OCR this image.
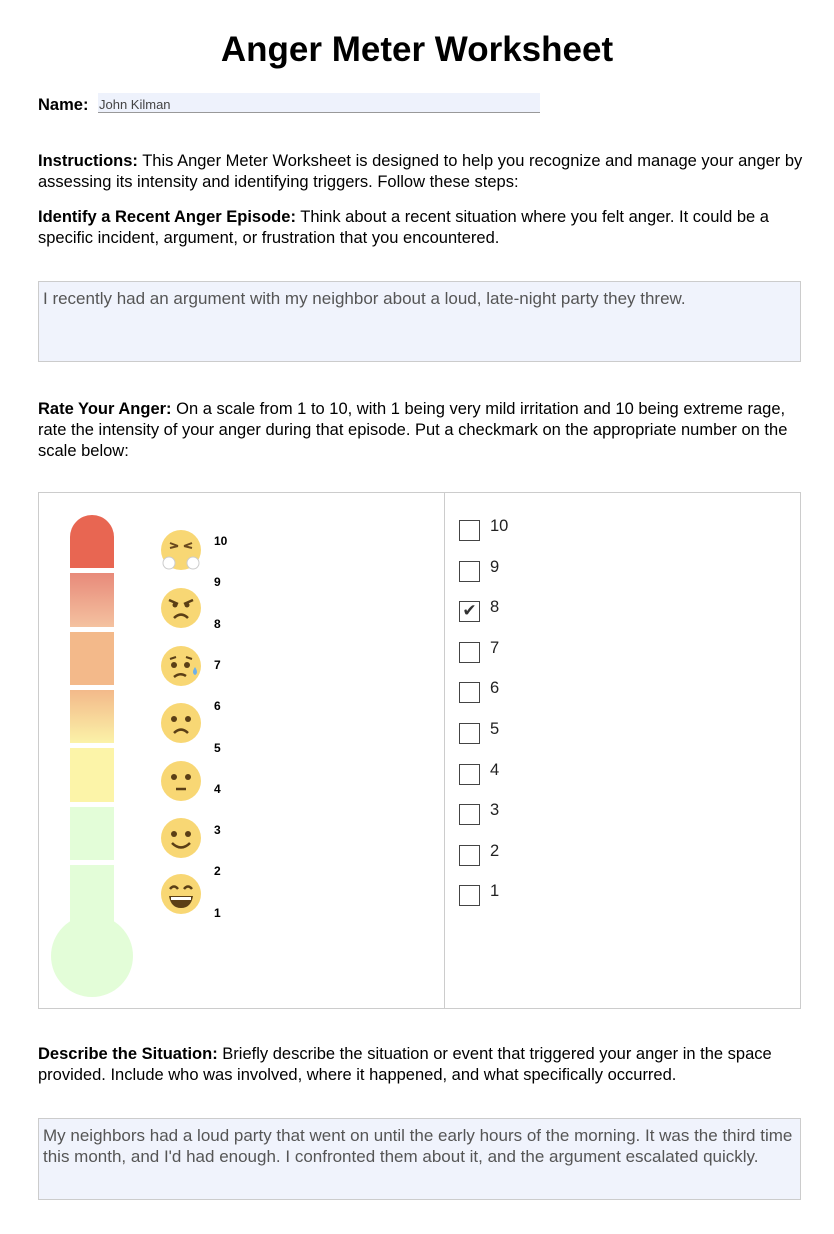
Anger Meter Worksheet
Name: John Kilman
Instructions: This Anger Meter Worksheet is designed to help you recognize and manage your anger by assessing its intensity and identifying triggers. Follow these steps:
Identify a Recent Anger Episode: Think about a recent situation where you felt anger. It could be a specific incident, argument, or frustration that you encountered.
I recently had an argument with my neighbor about a loud, late-night party they threw.
Rate Your Anger: On a scale from 1 to 10, with 1 being very mild irritation and 10 being extreme rage, rate the intensity of your anger during that episode. Put a checkmark on the appropriate number on the scale below:
10
9
8
7
6
5
4
3
2
1
10
9
✔ 8
7
6
5
4
3
2
1
Describe the Situation: Briefly describe the situation or event that triggered your anger in the space provided. Include who was involved, where it happened, and what specifically occurred.
My neighbors had a loud party that went on until the early hours of the morning. It was the third time this month, and I'd had enough. I confronted them about it, and the argument escalated quickly.
